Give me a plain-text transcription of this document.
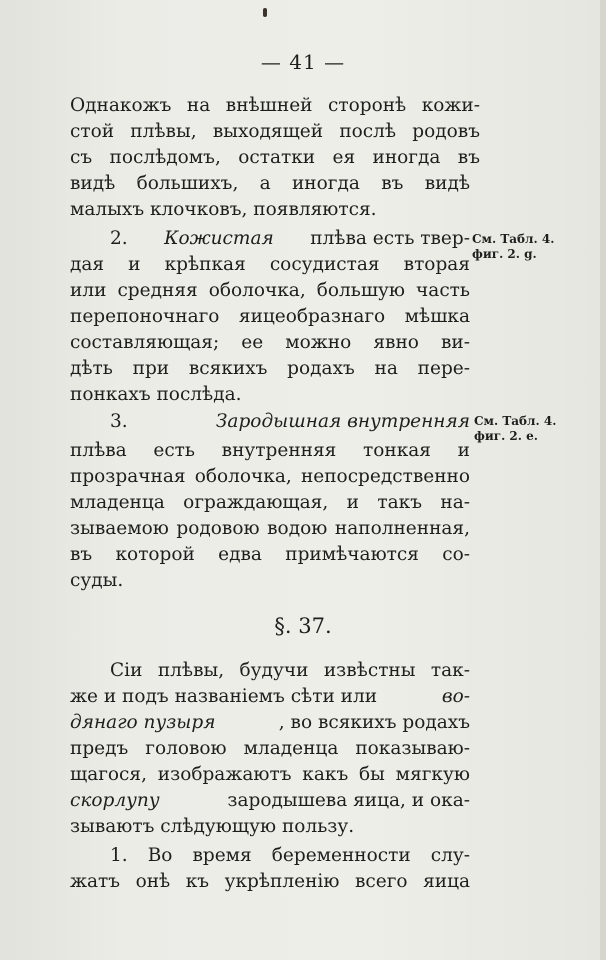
— 41 —
Однакожъ на внѣшней сторонѣ кожи-
стой плѣвы, выходящей послѣ родовъ
съ послѣдомъ, остатки ея иногда въ
видѣ большихъ, а иногда въ видѣ
малыхъ клочковъ, появляются.
2. Кожистая плѣва есть твер- См. Табл. 4.
фиг. 2. g.
дая и крѣпкая сосудистая вторая
или средняя оболочка, большую часть
перепоночнаго яицеобразнаго мѣшка
составляющая; ее можно явно ви-
дѣть при всякихъ родахъ на пере-
понкахъ послѣда.
3.	Зародышная внутренняя См. Табл. 4.
фиг. 2. e.
плѣва есть внутренняя тонкая и
прозрачная оболочка, непосредственно
младенца ограждающая, и такъ на-
зываемою родовою водою наполненная,
въ которой едва примѣчаются со-
суды.
§. 37.
Сіи плѣвы, будучи извѣстны так-
же и подъ названіемъ сѣти или	во-
дянаго пузыря	, во всякихъ родахъ
предъ головою младенца показываю-
щагося, изображаютъ какъ бы мягкую
скорлупу	зародышева яица, и ока-
зываютъ слѣдующую пользу.
1. Во время беременности слу-
жатъ онѣ къ укрѣпленію всего яица
